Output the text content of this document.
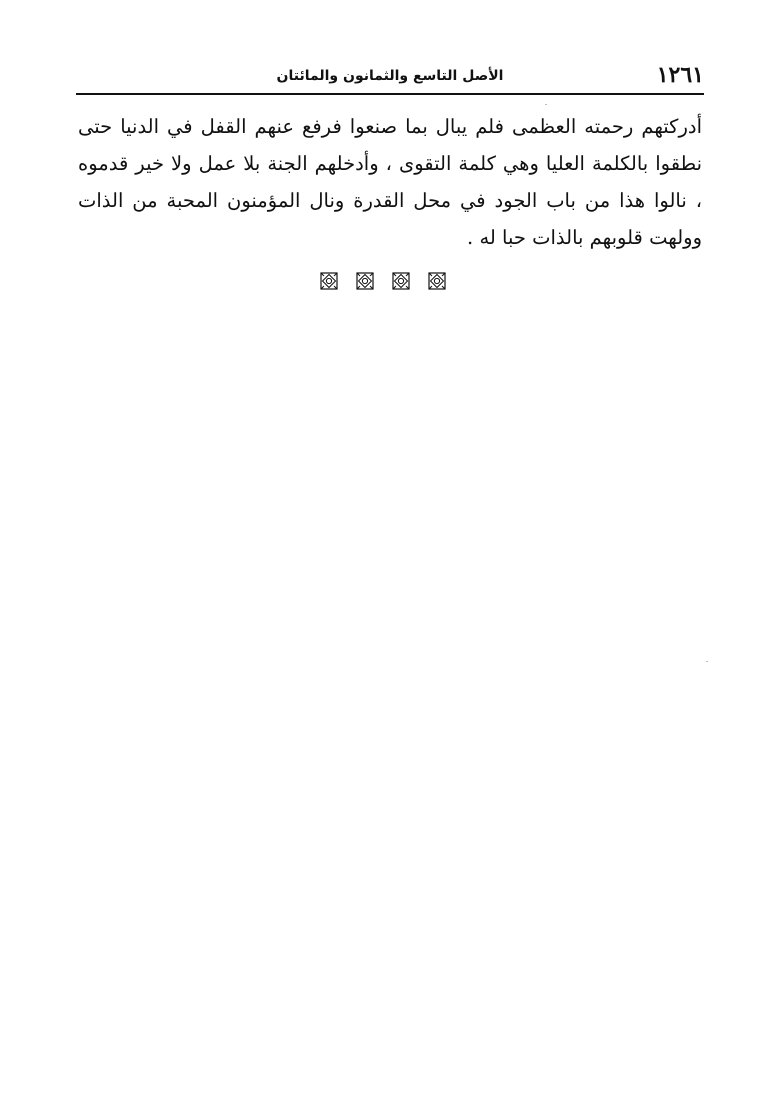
١٢٦١
الأصل التاسع والثمانون والمائتان
أدركتهم رحمته العظمى فلم يبال بما صنعوا فرفع عنهم القفل في الدنيا حتى نطقوا بالكلمة العليا وهي كلمة التقوى ، وأدخلهم الجنة بلا عمل ولا خير قدموه ، نالوا هذا من باب الجود في محل القدرة ونال المؤمنون المحبة من الذات وولهت قلوبهم بالذات حبا له .
